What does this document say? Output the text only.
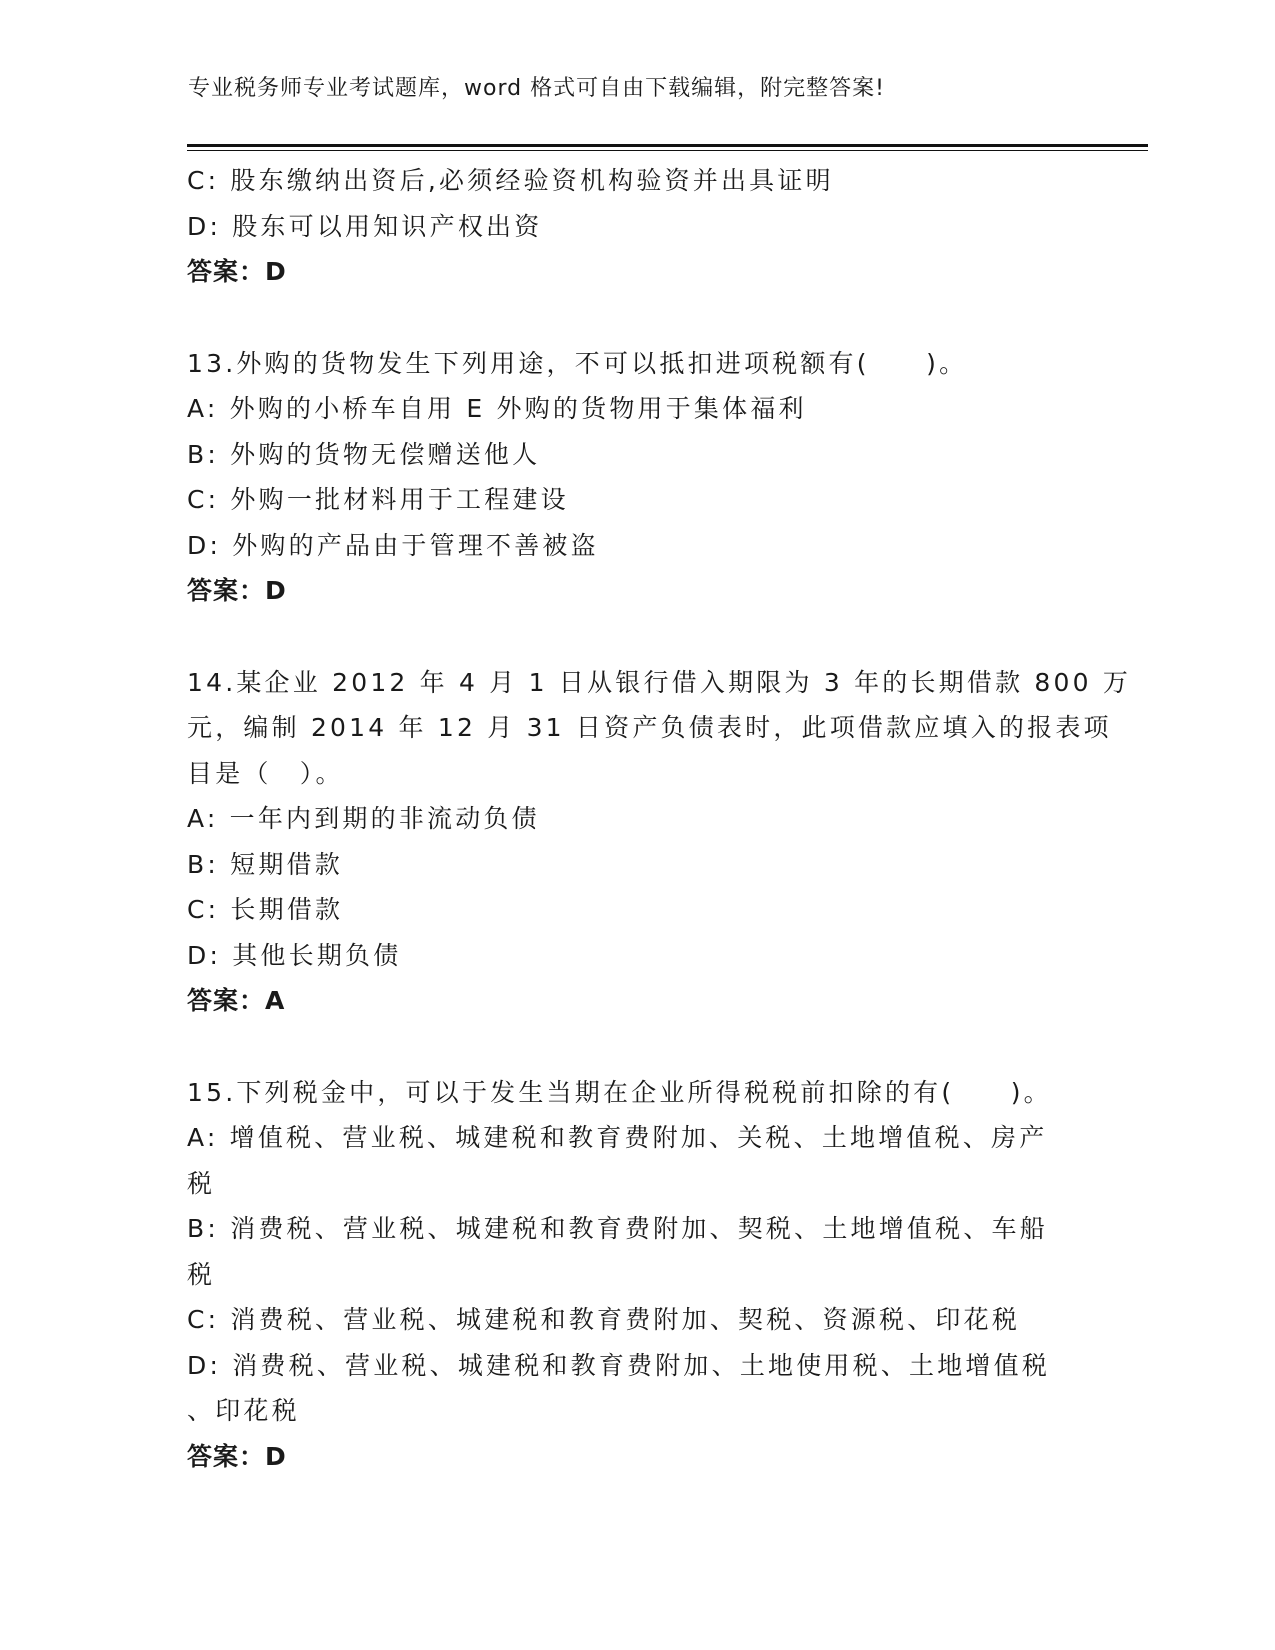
专业税务师专业考试题库，word 格式可自由下载编辑，附完整答案!
C: 股东缴纳出资后,必须经验资机构验资并出具证明
D: 股东可以用知识产权出资
答案：D
13.外购的货物发生下列用途，不可以抵扣进项税额有(　　)。
A: 外购的小桥车自用 E 外购的货物用于集体福利
B: 外购的货物无偿赠送他人
C: 外购一批材料用于工程建设
D: 外购的产品由于管理不善被盗
答案：D
14.某企业 2012 年 4 月 1 日从银行借入期限为 3 年的长期借款 800 万
元，编制 2014 年 12 月 31 日资产负债表时，此项借款应填入的报表项
目是（　）。
A: 一年内到期的非流动负债
B: 短期借款
C: 长期借款
D: 其他长期负债
答案：A
15.下列税金中，可以于发生当期在企业所得税税前扣除的有(　　)。
A: 增值税、营业税、城建税和教育费附加、关税、土地增值税、房产
税
B: 消费税、营业税、城建税和教育费附加、契税、土地增值税、车船
税
C: 消费税、营业税、城建税和教育费附加、契税、资源税、印花税
D: 消费税、营业税、城建税和教育费附加、土地使用税、土地增值税
、印花税
答案：D
